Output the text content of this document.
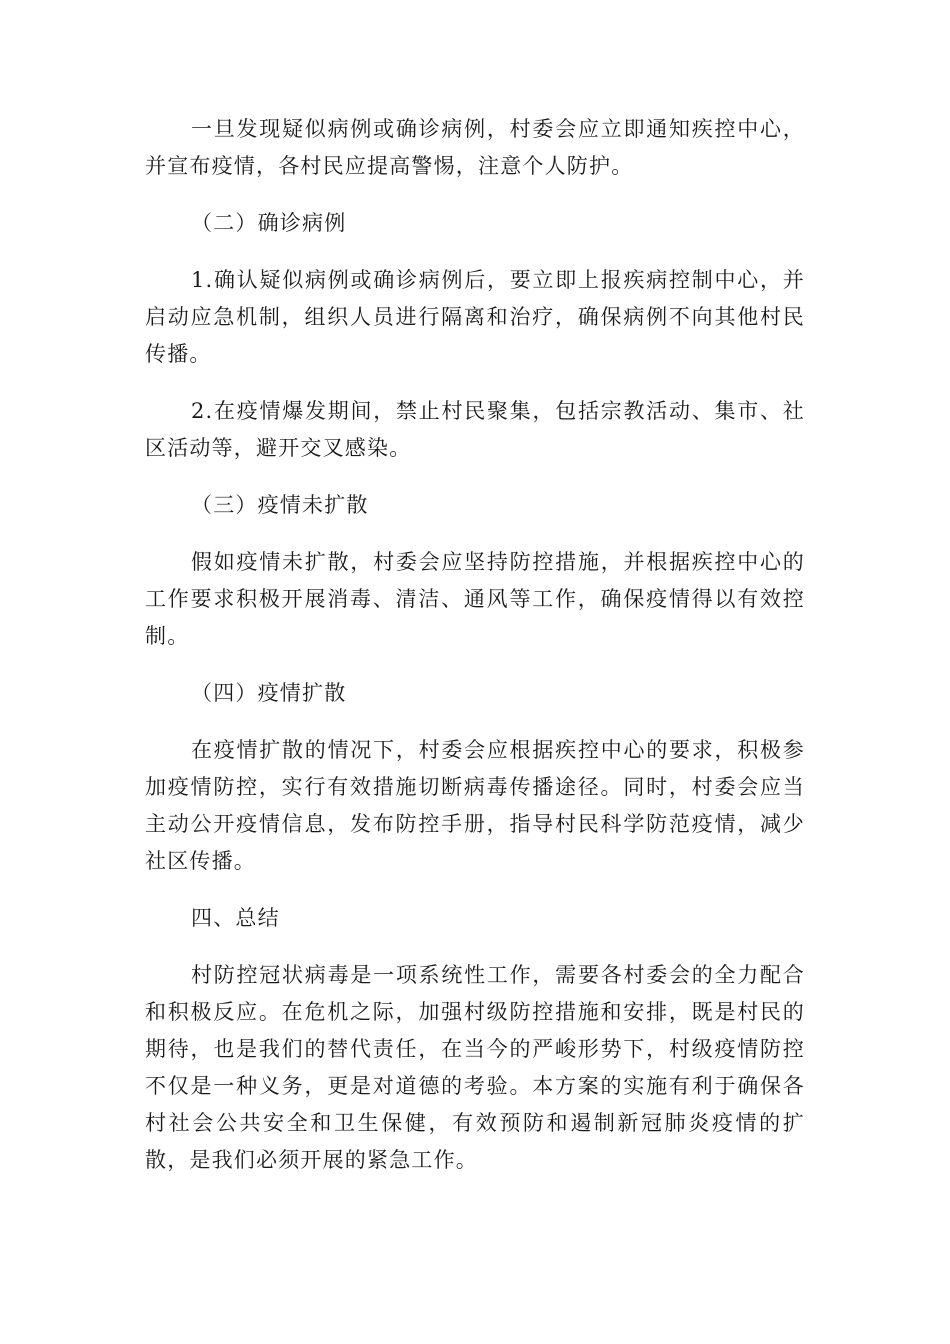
一旦发现疑似病例或确诊病例，村委会应立即通知疾控中心，并宣布疫情，各村民应提高警惕，注意个人防护。

（二）确诊病例

1.确认疑似病例或确诊病例后，要立即上报疾病控制中心，并启动应急机制，组织人员进行隔离和治疗，确保病例不向其他村民传播。

2.在疫情爆发期间，禁止村民聚集，包括宗教活动、集市、社区活动等，避开交叉感染。

（三）疫情未扩散

假如疫情未扩散，村委会应坚持防控措施，并根据疾控中心的工作要求积极开展消毒、清洁、通风等工作，确保疫情得以有效控制。

（四）疫情扩散

在疫情扩散的情况下，村委会应根据疾控中心的要求，积极参加疫情防控，实行有效措施切断病毒传播途径。同时，村委会应当主动公开疫情信息，发布防控手册，指导村民科学防范疫情，减少社区传播。

四、总结

村防控冠状病毒是一项系统性工作，需要各村委会的全力配合和积极反应。在危机之际，加强村级防控措施和安排，既是村民的期待，也是我们的替代责任，在当今的严峻形势下，村级疫情防控不仅是一种义务，更是对道德的考验。本方案的实施有利于确保各村社会公共安全和卫生保健，有效预防和遏制新冠肺炎疫情的扩散，是我们必须开展的紧急工作。
